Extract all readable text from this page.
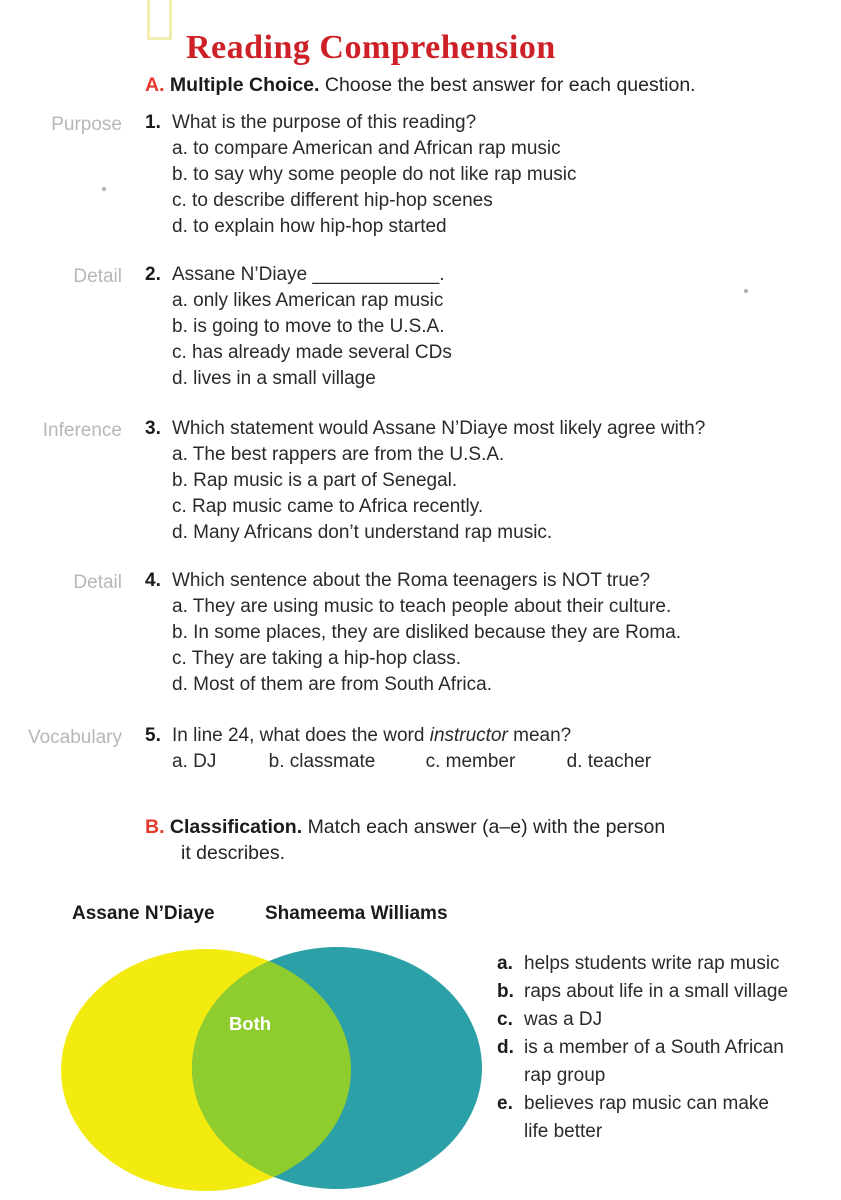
Reading Comprehension
A. Multiple Choice. Choose the best answer for each question.
Purpose
Detail
Inference
Detail
Vocabulary
1. What is the purpose of this reading?
a. to compare American and African rap music
b. to say why some people do not like rap music
c. to describe different hip-hop scenes
d. to explain how hip-hop started
2. Assane N’Diaye ____________.
a. only likes American rap music
b. is going to move to the U.S.A.
c. has already made several CDs
d. lives in a small village
3. Which statement would Assane N’Diaye most likely agree with?
a. The best rappers are from the U.S.A.
b. Rap music is a part of Senegal.
c. Rap music came to Africa recently.
d. Many Africans don’t understand rap music.
4. Which sentence about the Roma teenagers is NOT true?
a. They are using music to teach people about their culture.
b. In some places, they are disliked because they are Roma.
c. They are taking a hip-hop class.
d. Most of them are from South Africa.
5. In line 24, what does the word instructor mean?
a. DJ	b. classmate	c. member	d. teacher
B. Classification. Match each answer (a–e) with the person
it describes.
Assane N’Diaye	Shameema Williams
Both
a. helps students write rap music
b. raps about life in a small village
c. was a DJ
d. is a member of a South African
rap group
e. believes rap music can make
life better
